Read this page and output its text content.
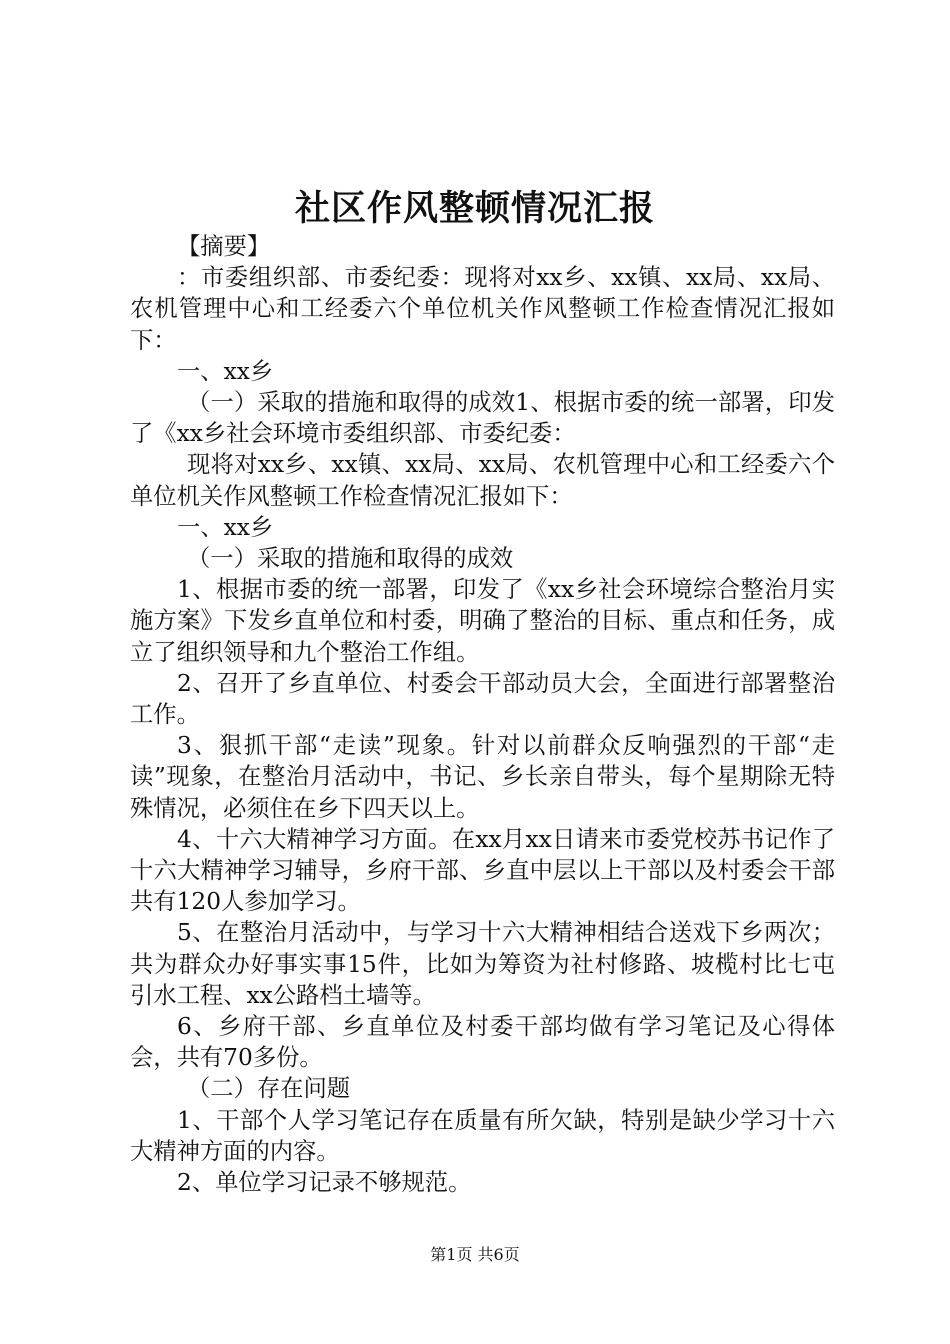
社区作风整顿情况汇报

【摘要】

：市委组织部、市委纪委：现将对xx乡、xx镇、xx局、xx局、农机管理中心和工经委六个单位机关作风整顿工作检查情况汇报如下：

一、xx乡

（一）采取的措施和取得的成效1、根据市委的统一部署，印发了《xx乡社会环境市委组织部、市委纪委：

现将对xx乡、xx镇、xx局、xx局、农机管理中心和工经委六个单位机关作风整顿工作检查情况汇报如下：

一、xx乡

（一）采取的措施和取得的成效

1、根据市委的统一部署，印发了《xx乡社会环境综合整治月实施方案》下发乡直单位和村委，明确了整治的目标、重点和任务，成立了组织领导和九个整治工作组。

2、召开了乡直单位、村委会干部动员大会，全面进行部署整治工作。

3、狠抓干部“走读”现象。针对以前群众反响强烈的干部“走读”现象，在整治月活动中，书记、乡长亲自带头，每个星期除无特殊情况，必须住在乡下四天以上。

4、十六大精神学习方面。在xx月xx日请来市委党校苏书记作了十六大精神学习辅导，乡府干部、乡直中层以上干部以及村委会干部共有120人参加学习。

5、在整治月活动中，与学习十六大精神相结合送戏下乡两次；共为群众办好事实事15件，比如为筹资为社村修路、坡榄村比七屯引水工程、xx公路档土墙等。

6、乡府干部、乡直单位及村委干部均做有学习笔记及心得体会，共有70多份。

（二）存在问题

1、干部个人学习笔记存在质量有所欠缺，特别是缺少学习十六大精神方面的内容。

2、单位学习记录不够规范。

第1页 共6页
